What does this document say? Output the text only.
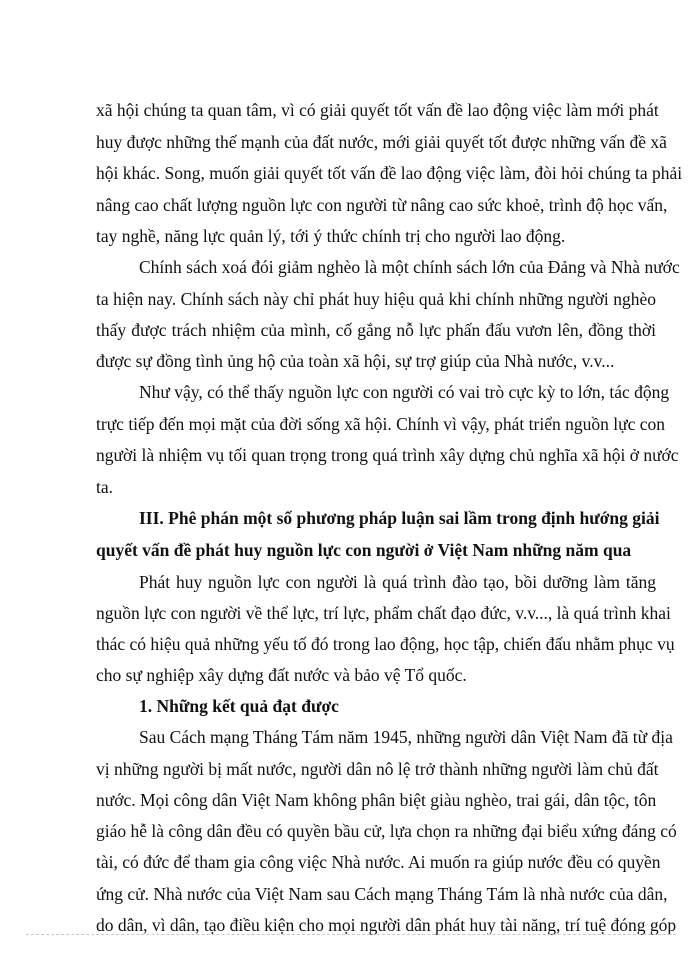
xã hội chúng ta quan tâm, vì có giải quyết tốt vấn đề lao động việc làm mới phát
huy được những thế mạnh của đất nước, mới giải quyết tốt được những vấn đề xã
hội khác. Song, muốn giải quyết tốt vấn đề lao động việc làm, đòi hỏi chúng ta phải
nâng cao chất lượng nguồn lực con người từ nâng cao sức khoẻ, trình độ học vấn,
tay nghề, năng lực quản lý, tới ý thức chính trị cho người lao động.
Chính sách xoá đói giảm nghèo là một chính sách lớn của Đảng và Nhà nước
ta hiện nay. Chính sách này chỉ phát huy hiệu quả khi chính những người nghèo
thấy được trách nhiệm của mình, cố gắng nỗ lực phấn đấu vươn lên, đồng thời
được sự đồng tình ủng hộ của toàn xã hội, sự trợ giúp của Nhà nước, v.v...
Như vậy, có thể thấy nguồn lực con người có vai trò cực kỳ to lớn, tác động
trực tiếp đến mọi mặt của đời sống xã hội. Chính vì vậy, phát triển nguồn lực con
người là nhiệm vụ tối quan trọng trong quá trình xây dựng chủ nghĩa xã hội ở nước
ta.
III. Phê phán một số phương pháp luận sai lầm trong định hướng giải
quyết vấn đề phát huy nguồn lực con người ở Việt Nam những năm qua
Phát huy nguồn lực con người là quá trình đào tạo, bồi dưỡng làm tăng
nguồn lực con người về thể lực, trí lực, phẩm chất đạo đức, v.v..., là quá trình khai
thác có hiệu quả những yếu tố đó trong lao động, học tập, chiến đấu nhằm phục vụ
cho sự nghiệp xây dựng đất nước và bảo vệ Tổ quốc.
1. Những kết quả đạt được
Sau Cách mạng Tháng Tám năm 1945, những người dân Việt Nam đã từ địa
vị những người bị mất nước, người dân nô lệ trở thành những người làm chủ đất
nước. Mọi công dân Việt Nam không phân biệt giàu nghèo, trai gái, dân tộc, tôn
giáo hễ là công dân đều có quyền bầu cử, lựa chọn ra những đại biểu xứng đáng có
tài, có đức để tham gia công việc Nhà nước. Ai muốn ra giúp nước đều có quyền
ứng cử. Nhà nước của Việt Nam sau Cách mạng Tháng Tám là nhà nước của dân,
do dân, vì dân, tạo điều kiện cho mọi người dân phát huy tài năng, trí tuệ đóng góp
